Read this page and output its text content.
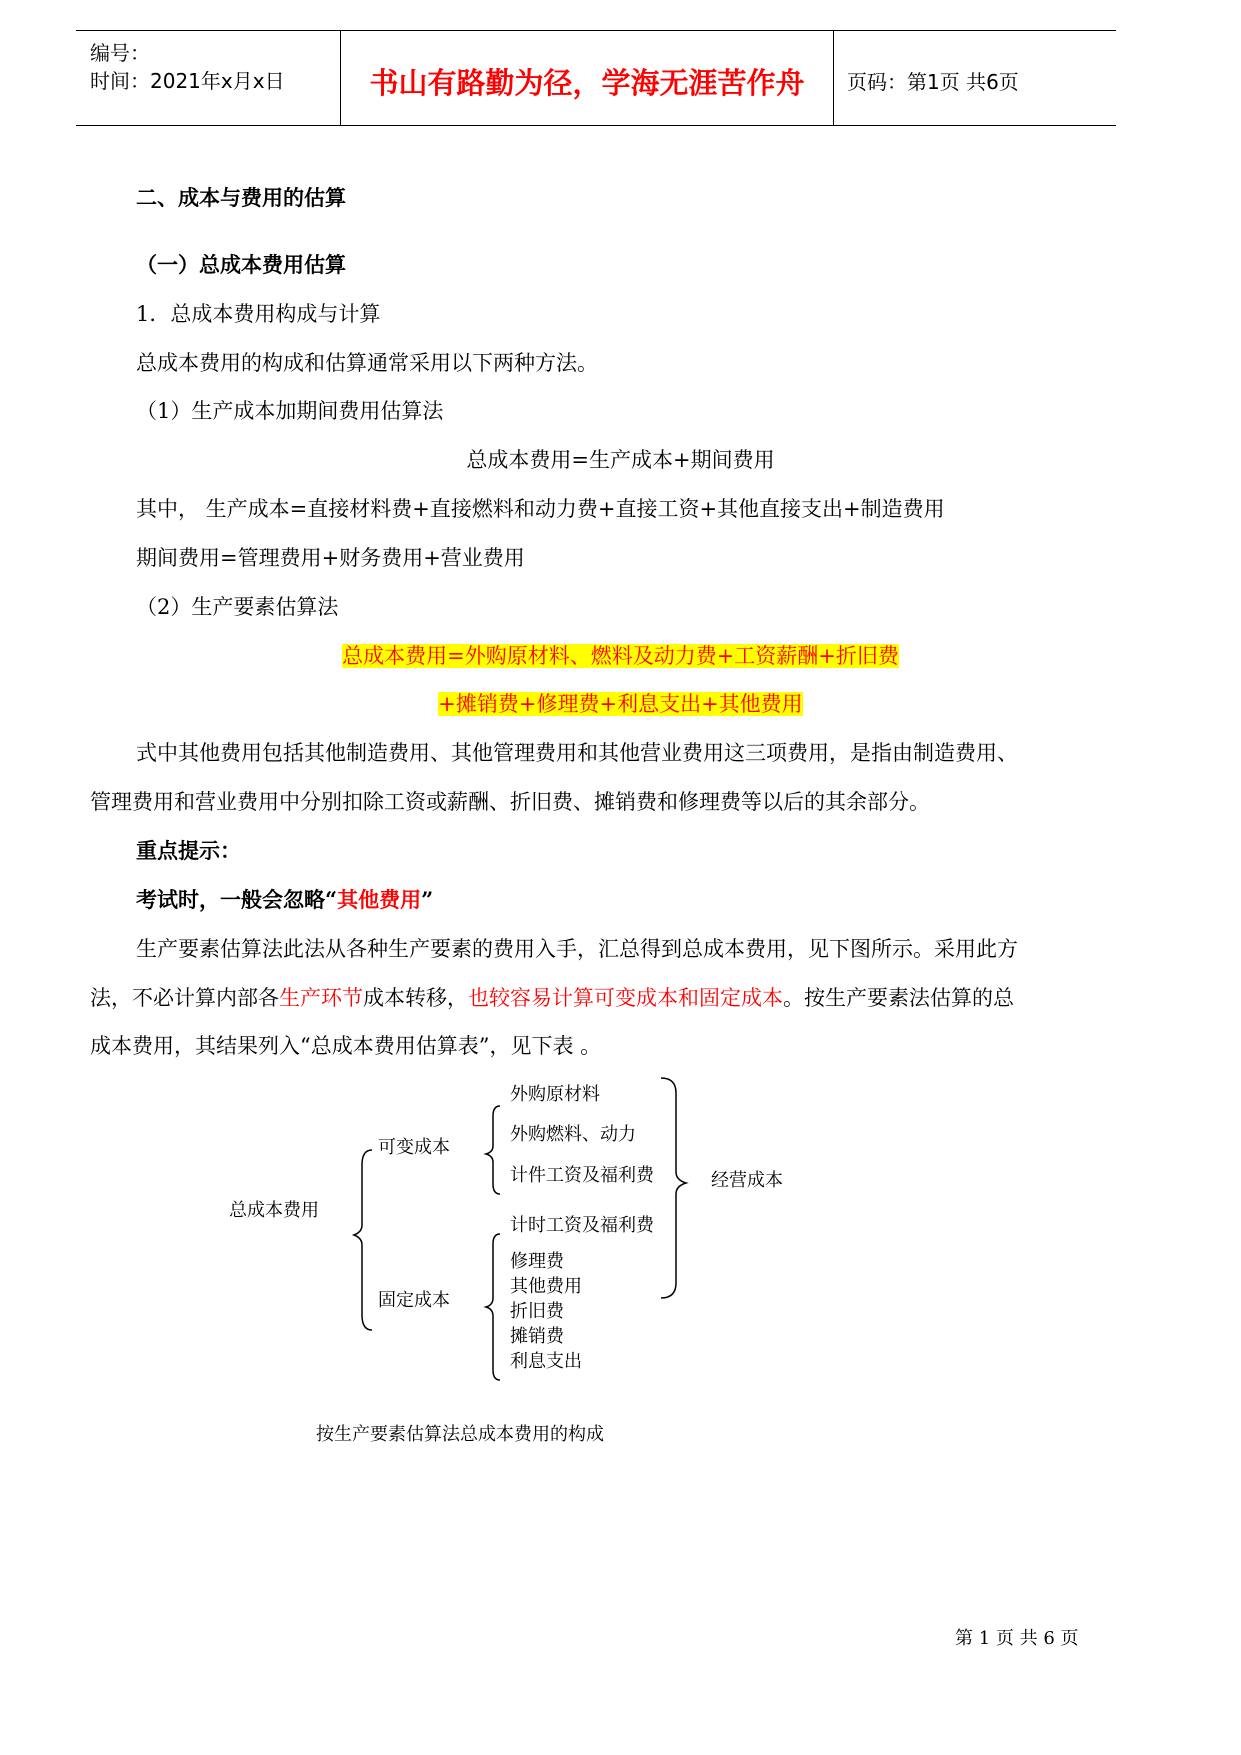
编号：
时间：2021年x月x日	书山有路勤为径，学海无涯苦作舟	页码：第1页 共6页
二、成本与费用的估算
（一）总成本费用估算
1．总成本费用构成与计算
总成本费用的构成和估算通常采用以下两种方法。
（1）生产成本加期间费用估算法
总成本费用=生产成本+期间费用
其中， 生产成本=直接材料费+直接燃料和动力费+直接工资+其他直接支出+制造费用
期间费用=管理费用+财务费用+营业费用
（2）生产要素估算法
总成本费用=外购原材料、燃料及动力费+工资薪酬+折旧费
+摊销费+修理费+利息支出+其他费用
式中其他费用包括其他制造费用、其他管理费用和其他营业费用这三项费用，是指由制造费用、
管理费用和营业费用中分别扣除工资或薪酬、折旧费、摊销费和修理费等以后的其余部分。
重点提示：
考试时，一般会忽略“其他费用”
生产要素估算法此法从各种生产要素的费用入手，汇总得到总成本费用，见下图所示。采用此方
法，不必计算内部各生产环节成本转移，也较容易计算可变成本和固定成本。按生产要素法估算的总
成本费用，其结果列入“总成本费用估算表”，见下表 。
总成本费用
可变成本
固定成本
外购原材料
外购燃料、动力
计件工资及福利费
计时工资及福利费
修理费
其他费用
折旧费
摊销费
利息支出
经营成本
按生产要素估算法总成本费用的构成
第 1 页 共 6 页
